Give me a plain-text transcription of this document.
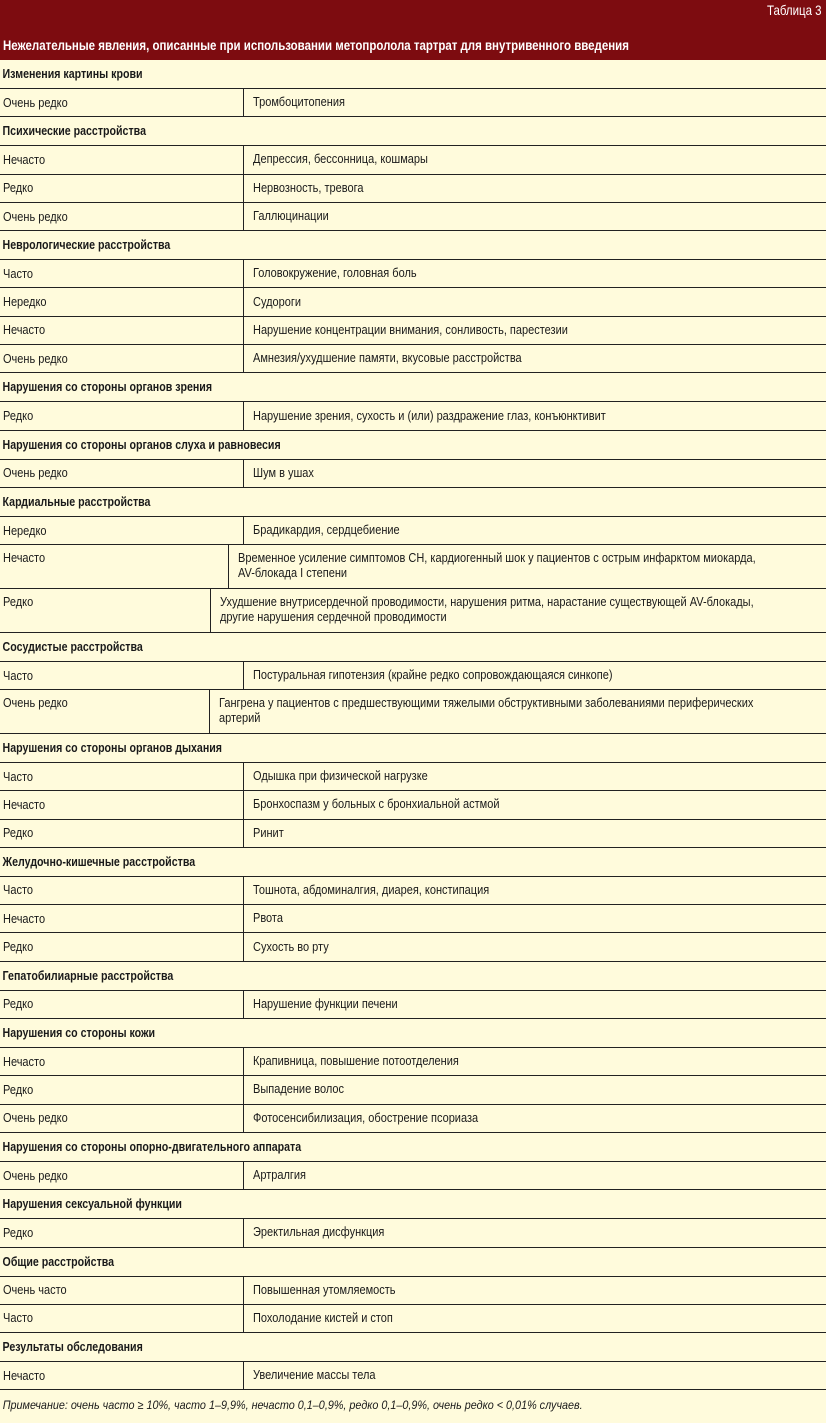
Таблица 3
Нежелательные явления, описанные при использовании метопролола тартрат для внутривенного введения
Изменения картины крови
Очень редко	Тромбоцитопения
Психические расстройства
Нечасто	Депрессия, бессонница, кошмары
Редко	Нервозность, тревога
Очень редко	Галлюцинации
Неврологические расстройства
Часто	Головокружение, головная боль
Нередко	Судороги
Нечасто	Нарушение концентрации внимания, сонливость, парестезии
Очень редко	Амнезия/ухудшение памяти, вкусовые расстройства
Нарушения со стороны органов зрения
Редко	Нарушение зрения, сухость и (или) раздражение глаз, конъюнктивит
Нарушения со стороны органов слуха и равновесия
Очень редко	Шум в ушах
Кардиальные расстройства
Нередко	Брадикардия, сердцебиение
Нечасто	Временное усиление симптомов СН, кардиогенный шок у пациентов с острым инфарктом миокарда,
AV-блокада I степени
Редко	Ухудшение внутрисердечной проводимости, нарушения ритма, нарастание существующей AV-блокады,
другие нарушения сердечной проводимости
Сосудистые расстройства
Часто	Постуральная гипотензия (крайне редко сопровождающаяся синкопе)
Очень редко	Гангрена у пациентов с предшествующими тяжелыми обструктивными заболеваниями периферических
артерий
Нарушения со стороны органов дыхания
Часто	Одышка при физической нагрузке
Нечасто	Бронхоспазм у больных с бронхиальной астмой
Редко	Ринит
Желудочно-кишечные расстройства
Часто	Тошнота, абдоминалгия, диарея, констипация
Нечасто	Рвота
Редко	Сухость во рту
Гепатобилиарные расстройства
Редко	Нарушение функции печени
Нарушения со стороны кожи
Нечасто	Крапивница, повышение потоотделения
Редко	Выпадение волос
Очень редко	Фотосенсибилизация, обострение псориаза
Нарушения со стороны опорно-двигательного аппарата
Очень редко	Артралгия
Нарушения сексуальной функции
Редко	Эректильная дисфункция
Общие расстройства
Очень часто	Повышенная утомляемость
Часто	Похолодание кистей и стоп
Результаты обследования
Нечасто	Увеличение массы тела
Примечание: очень часто ≥ 10%, часто 1–9,9%, нечасто 0,1–0,9%, редко 0,1–0,9%, очень редко < 0,01% случаев.
